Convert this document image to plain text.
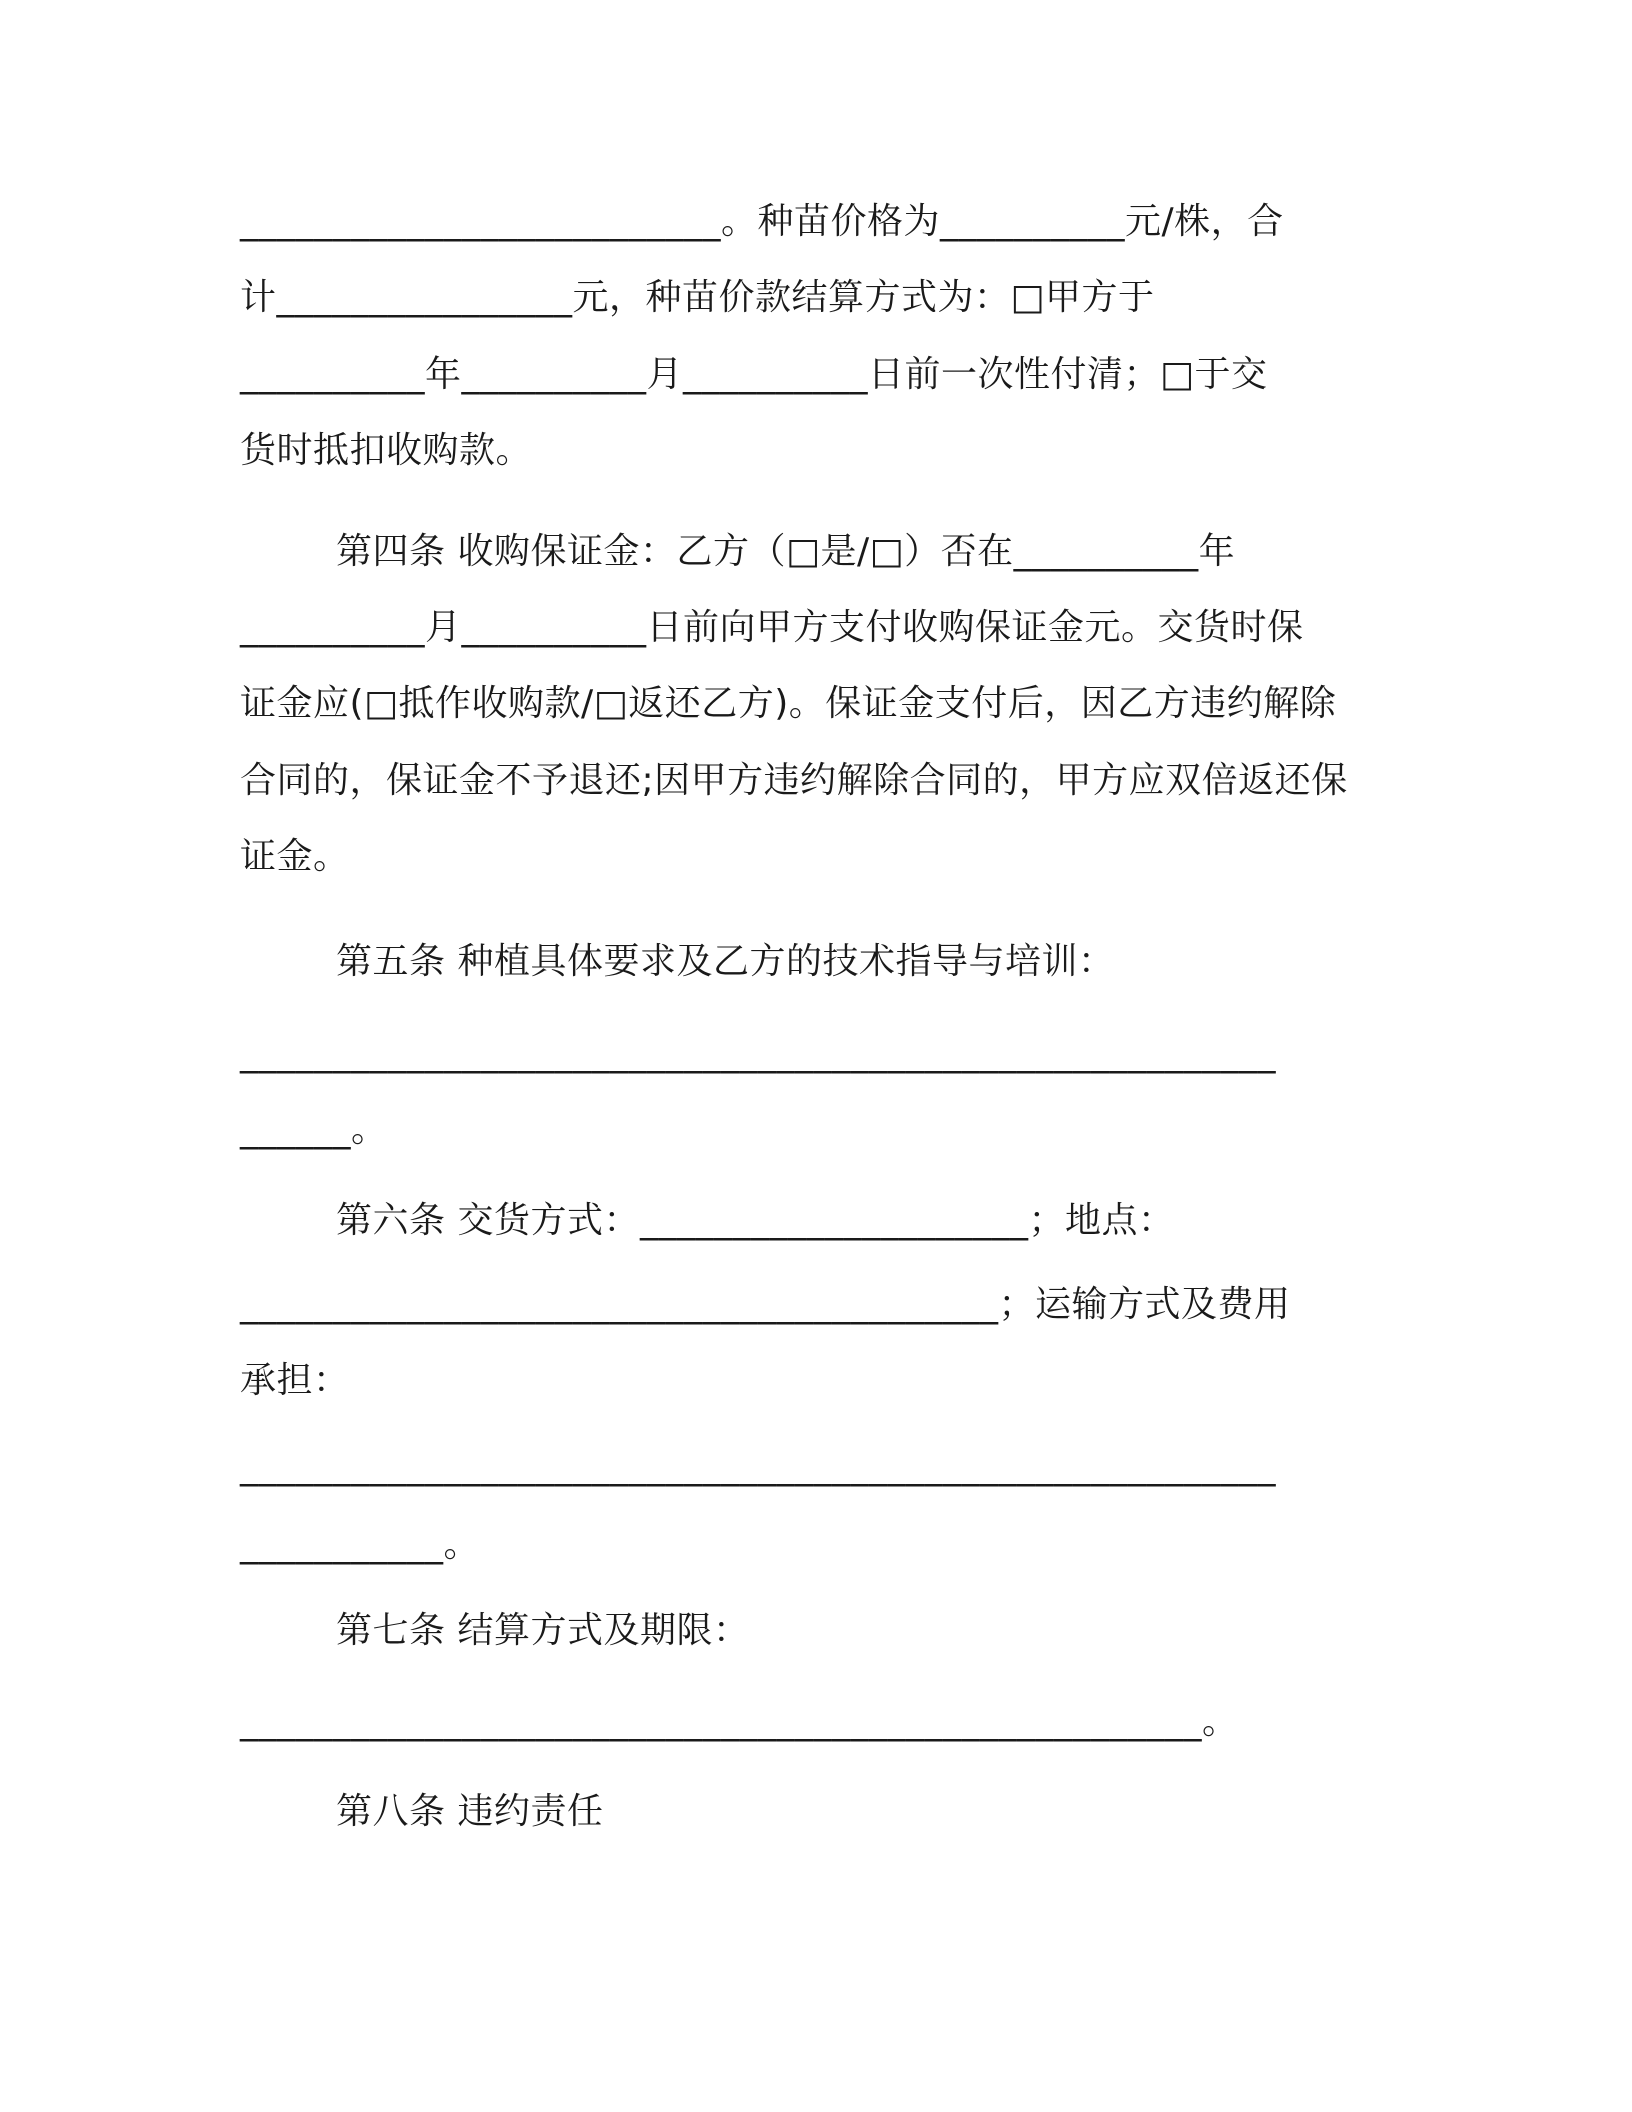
__________________________。种苗价格为__________元/株，合
计________________元，种苗价款结算方式为：□甲方于
__________年__________月__________日前一次性付清；□于交
货时抵扣收购款。
第四条 收购保证金：乙方（□是/□）否在__________年
__________月__________日前向甲方支付收购保证金元。交货时保
证金应(□抵作收购款/□返还乙方)。保证金支付后，因乙方违约解除
合同的，保证金不予退还;因甲方违约解除合同的，甲方应双倍返还保
证金。
第五条 种植具体要求及乙方的技术指导与培训：
________________________________________________________
______。
第六条 交货方式：_____________________；地点：
_________________________________________；运输方式及费用
承担：
________________________________________________________
___________。
第七条 结算方式及期限：
____________________________________________________。
第八条 违约责任
